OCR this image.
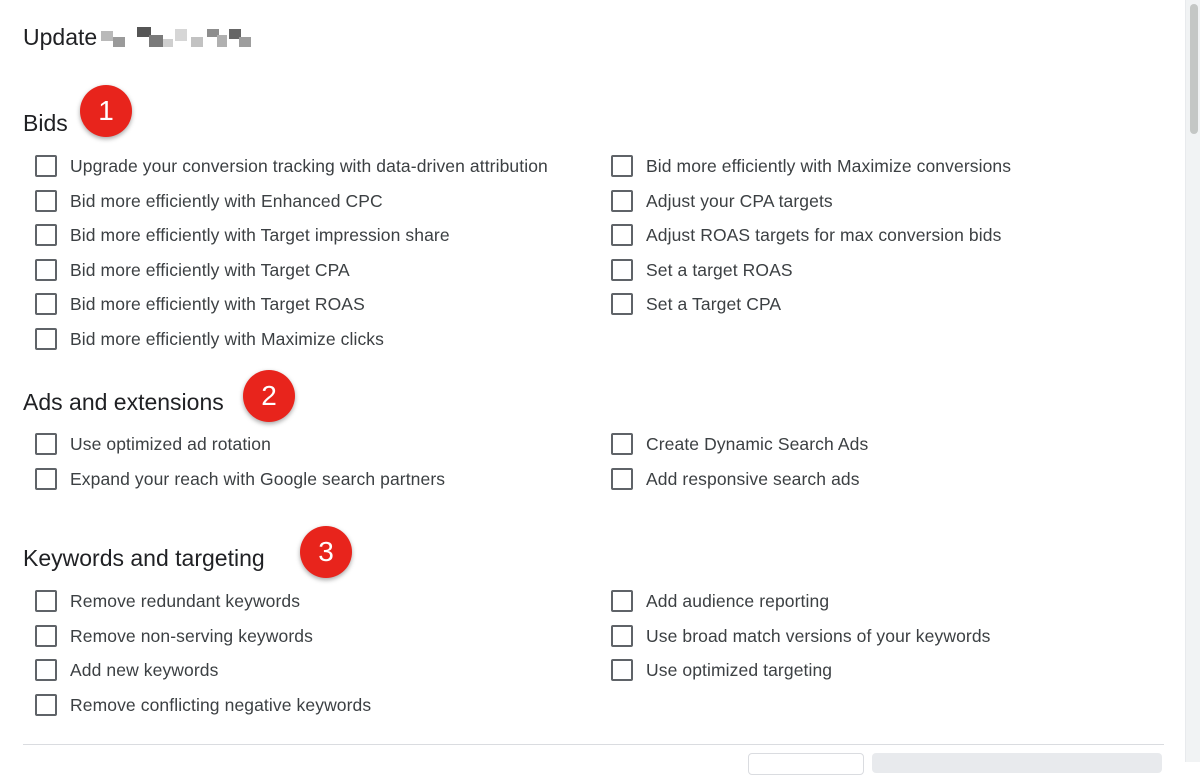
Update
Bids	1
Upgrade your conversion tracking with data-driven attribution
Bid more efficiently with Enhanced CPC
Bid more efficiently with Target impression share
Bid more efficiently with Target CPA
Bid more efficiently with Target ROAS
Bid more efficiently with Maximize clicks
Bid more efficiently with Maximize conversions
Adjust your CPA targets
Adjust ROAS targets for max conversion bids
Set a target ROAS
Set a Target CPA
Ads and extensions	2
Use optimized ad rotation
Expand your reach with Google search partners
Create Dynamic Search Ads
Add responsive search ads
Keywords and targeting	3
Remove redundant keywords
Remove non-serving keywords
Add new keywords
Remove conflicting negative keywords
Add audience reporting
Use broad match versions of your keywords
Use optimized targeting
